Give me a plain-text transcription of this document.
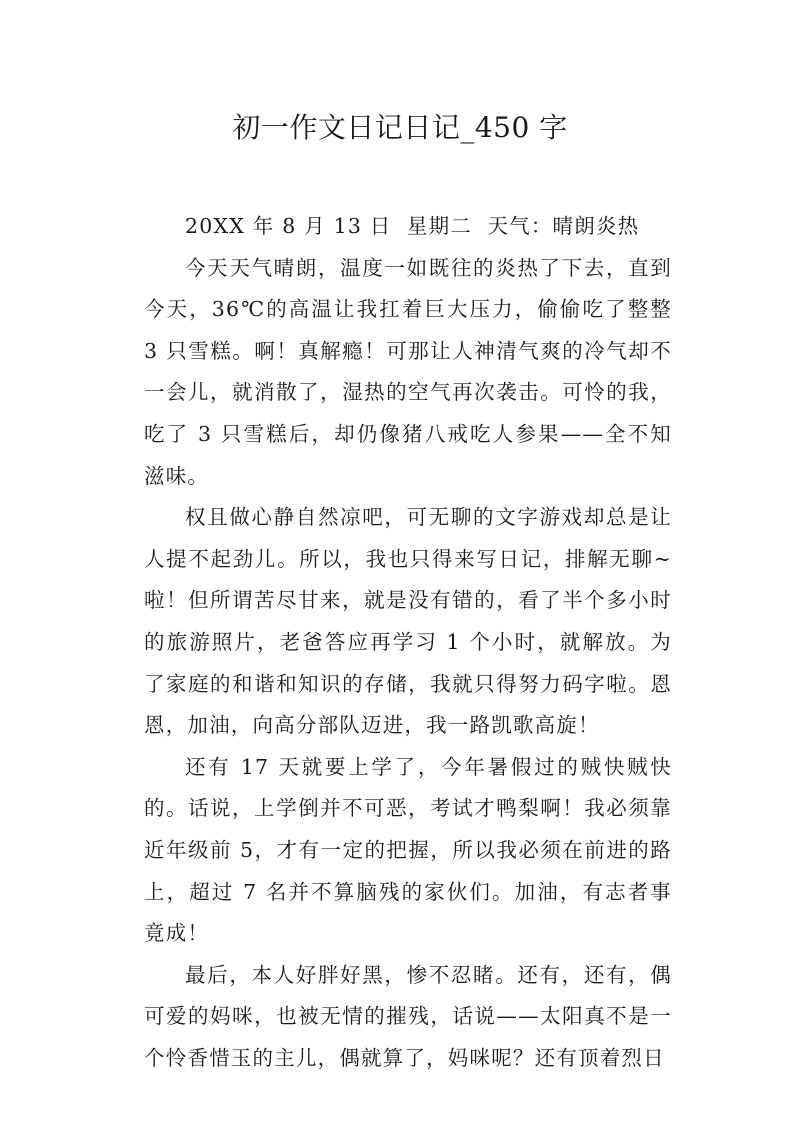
初一作文日记日记_450 字

20XX 年 8 月 13 日  星期二  天气：晴朗炎热

今天天气晴朗，温度一如既往的炎热了下去，直到今天，36℃的高温让我扛着巨大压力，偷偷吃了整整 3 只雪糕。啊！真解瘾！可那让人神清气爽的冷气却不一会儿，就消散了，湿热的空气再次袭击。可怜的我，吃了 3 只雪糕后，却仍像猪八戒吃人参果——全不知滋味。

权且做心静自然凉吧，可无聊的文字游戏却总是让人提不起劲儿。所以，我也只得来写日记，排解无聊~啦！但所谓苦尽甘来，就是没有错的，看了半个多小时的旅游照片，老爸答应再学习 1 个小时，就解放。为了家庭的和谐和知识的存储，我就只得努力码字啦。恩恩，加油，向高分部队迈进，我一路凯歌高旋！

还有 17 天就要上学了，今年暑假过的贼快贼快的。话说，上学倒并不可恶，考试才鸭梨啊！我必须靠近年级前 5，才有一定的把握，所以我必须在前进的路上，超过 7 名并不算脑残的家伙们。加油，有志者事竟成！

最后，本人好胖好黑，惨不忍睹。还有，还有，偶可爱的妈咪，也被无情的摧残，话说——太阳真不是一个怜香惜玉的主儿，偶就算了，妈咪呢？还有顶着烈日
